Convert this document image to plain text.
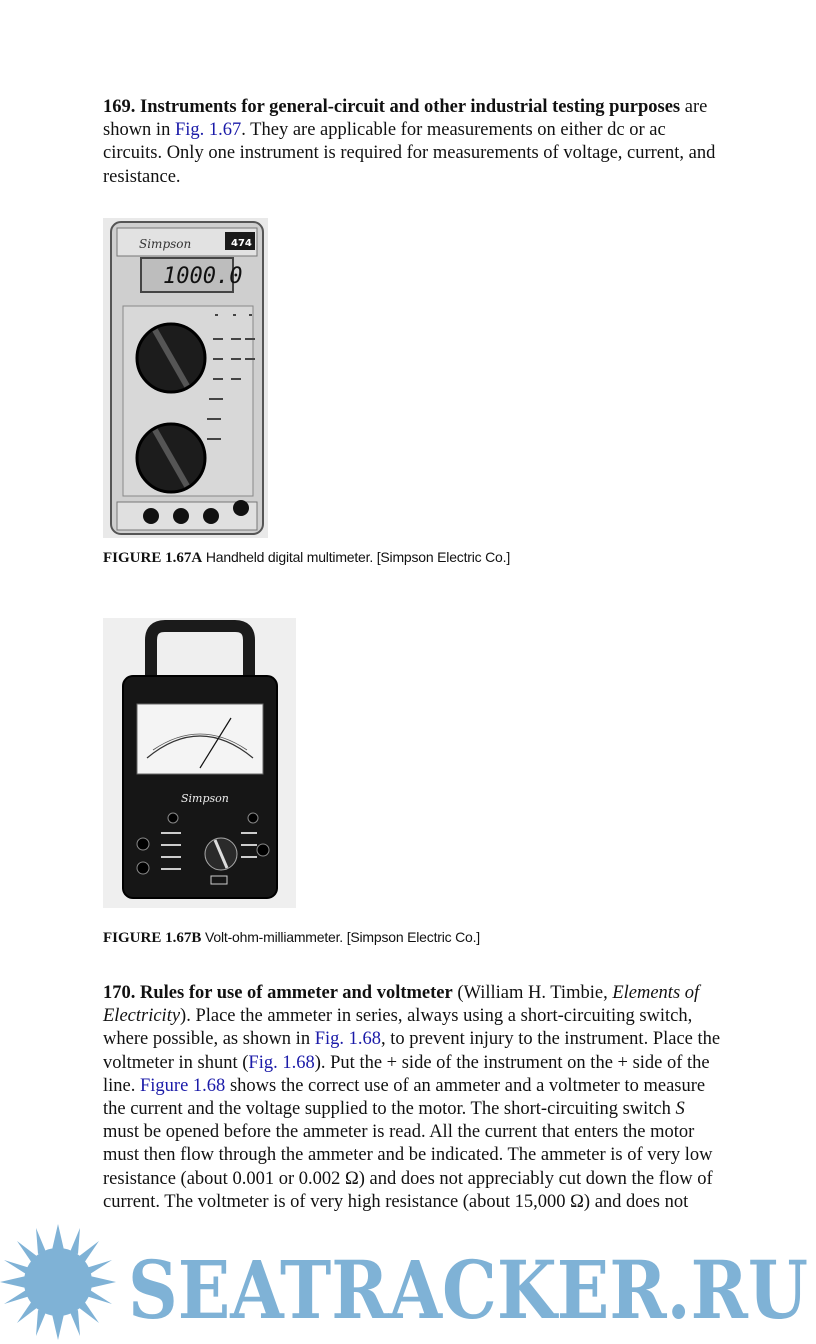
169. Instruments for general-circuit and other industrial testing purposes are shown in Fig. 1.67. They are applicable for measurements on either dc or ac circuits. Only one instrument is required for measurements of voltage, current, and resistance.
Simpson	474
1000.0
FIGURE 1.67A Handheld digital multimeter. [Simpson Electric Co.]
Simpson
FIGURE 1.67B Volt-ohm-milliammeter. [Simpson Electric Co.]
170. Rules for use of ammeter and voltmeter (William H. Timbie, Elements of Electricity). Place the ammeter in series, always using a short-circuiting switch, where possible, as shown in Fig. 1.68, to prevent injury to the instrument. Place the voltmeter in shunt (Fig. 1.68). Put the + side of the instrument on the + side of the line. Figure 1.68 shows the correct use of an ammeter and a voltmeter to measure the current and the voltage supplied to the motor. The short-circuiting switch S must be opened before the ammeter is read. All the current that enters the motor must then flow through the ammeter and be indicated. The ammeter is of very low resistance (about 0.001 or 0.002 Ω) and does not appreciably cut down the flow of current. The voltmeter is of very high resistance (about 15,000 Ω) and does not
SEATRACKER.RU
